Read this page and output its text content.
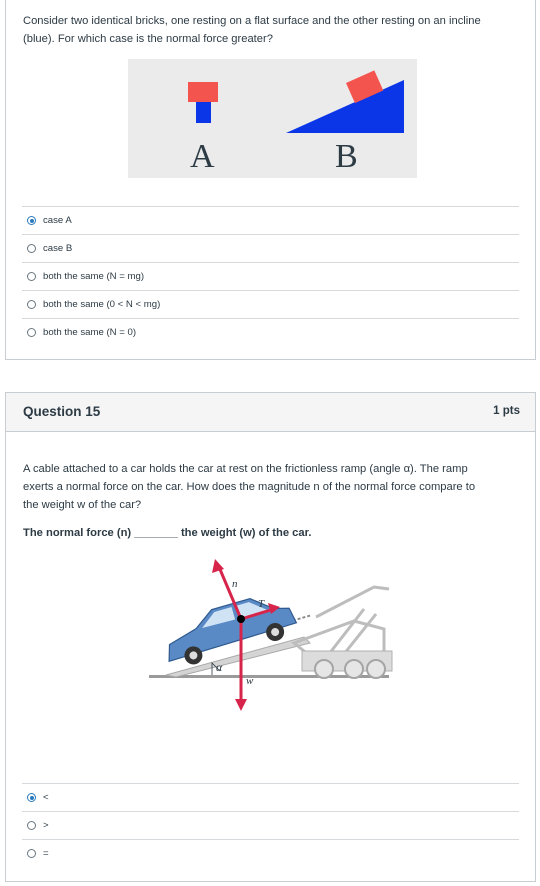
Consider two identical bricks, one resting on a flat surface and the other resting on an incline
(blue). For which case is the normal force greater?
A	B
case A
case B
both the same (N = mg)
both the same (0 < N < mg)
both the same (N = 0)
Question 15	1 pts
A cable attached to a car holds the car at rest on the frictionless ramp (angle α). The ramp
exerts a normal force on the car. How does the magnitude n of the normal force compare to
the weight w of the car?
The normal force (n) _______ the weight (w) of the car.
n
T
w
α
<
>
=
